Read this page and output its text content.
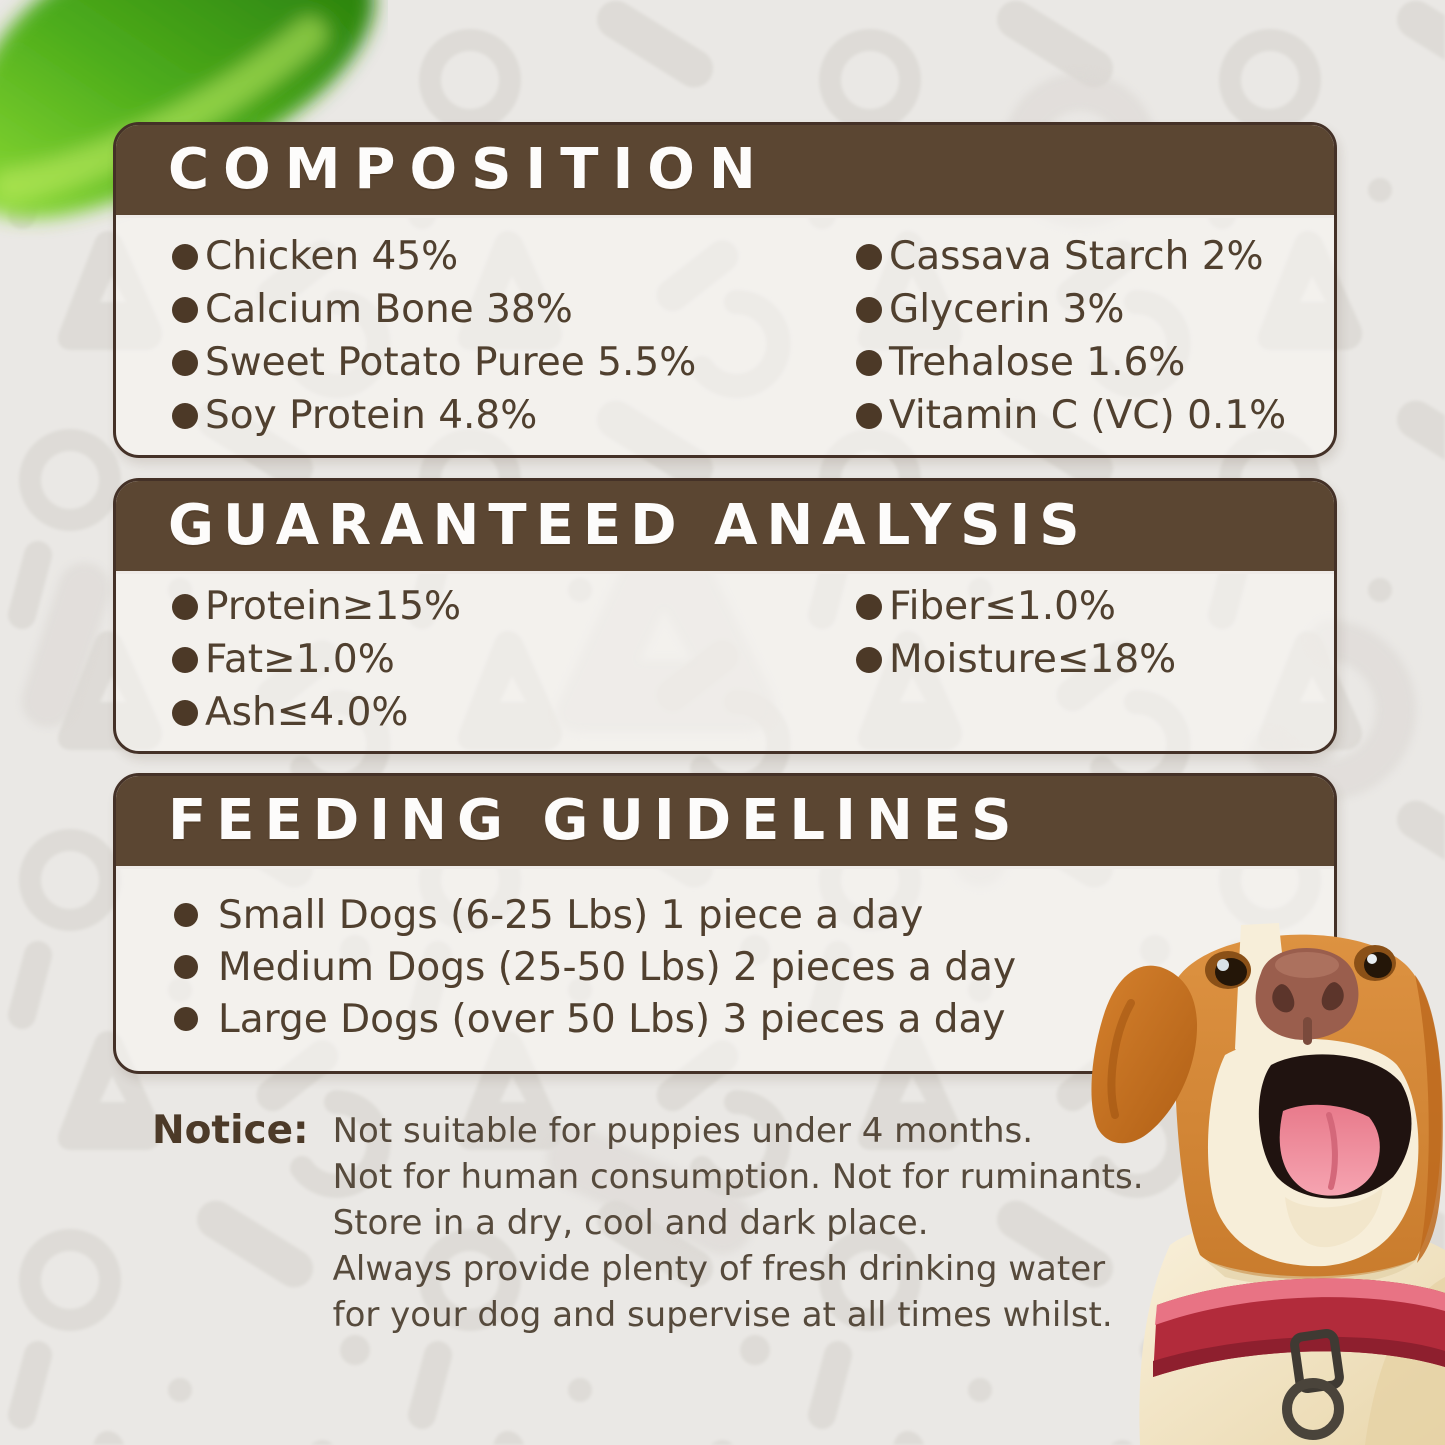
COMPOSITION
Chicken 45%
Calcium Bone 38%
Sweet Potato Puree 5.5%
Soy Protein 4.8%
Cassava Starch 2%
Glycerin 3%
Trehalose 1.6%
Vitamin C (VC) 0.1%
GUARANTEED ANALYSIS
Protein≥15%
Fat≥1.0%
Ash≤4.0%
Fiber≤1.0%
Moisture≤18%
FEEDING GUIDELINES
Small Dogs (6-25 Lbs) 1 piece a day
Medium Dogs (25-50 Lbs) 2 pieces a day
Large Dogs (over 50 Lbs) 3 pieces a day
Notice: Not suitable for puppies under 4 months.
Not for human consumption. Not for ruminants.
Store in a dry, cool and dark place.
Always provide plenty of fresh drinking water
for your dog and supervise at all times whilst.
